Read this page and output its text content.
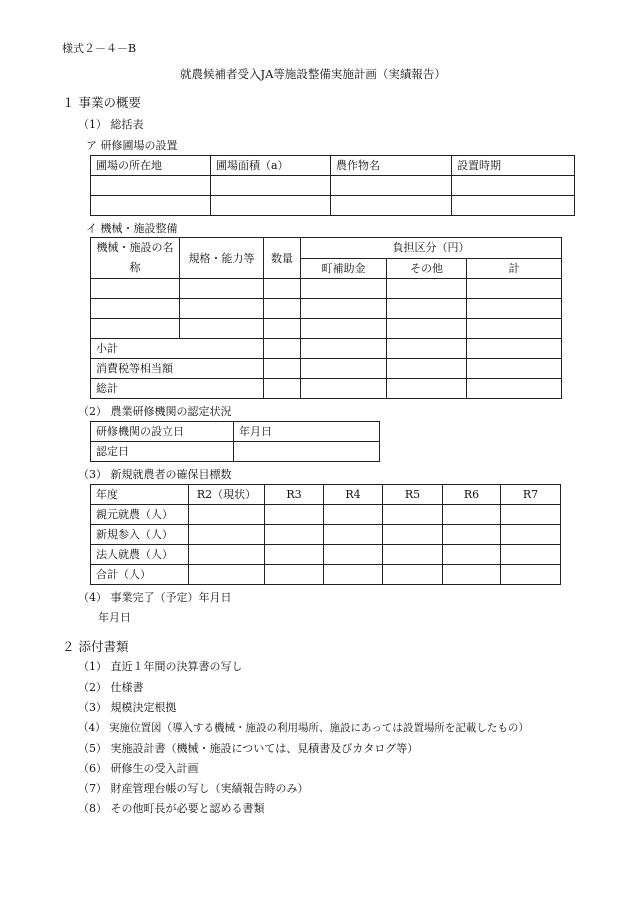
様式２－４－B
就農候補者受入JA等施設整備実施計画（実績報告）
１ 事業の概要
（1） 総括表
ア 研修圃場の設置
圃場の所在地	圃場面積（a）	農作物名	設置時期

イ 機械・施設整備
機械・施設の名
称	規格・能力等	数量	負担区分（円）		
			町補助金	その他	計

小計					
消費税等相当額					
総計					
（2） 農業研修機関の認定状況
研修機関の設立日	年月日
認定日	
（3） 新規就農者の確保目標数
年度	R2（現状）	R3	R4	R5	R6	R7
親元就農（人）						
新規参入（人）						
法人就農（人）						
合計（人）						
（4） 事業完了（予定）年月日
年月日
２ 添付書類
（1） 直近１年間の決算書の写し
（2） 仕様書
（3） 規模決定根拠
（4） 実施位置図（導入する機械・施設の利用場所、施設にあっては設置場所を記載したもの）
（5） 実施設計書（機械・施設については、見積書及びカタログ等）
（6） 研修生の受入計画
（7） 財産管理台帳の写し（実績報告時のみ）
（8） その他町長が必要と認める書類
